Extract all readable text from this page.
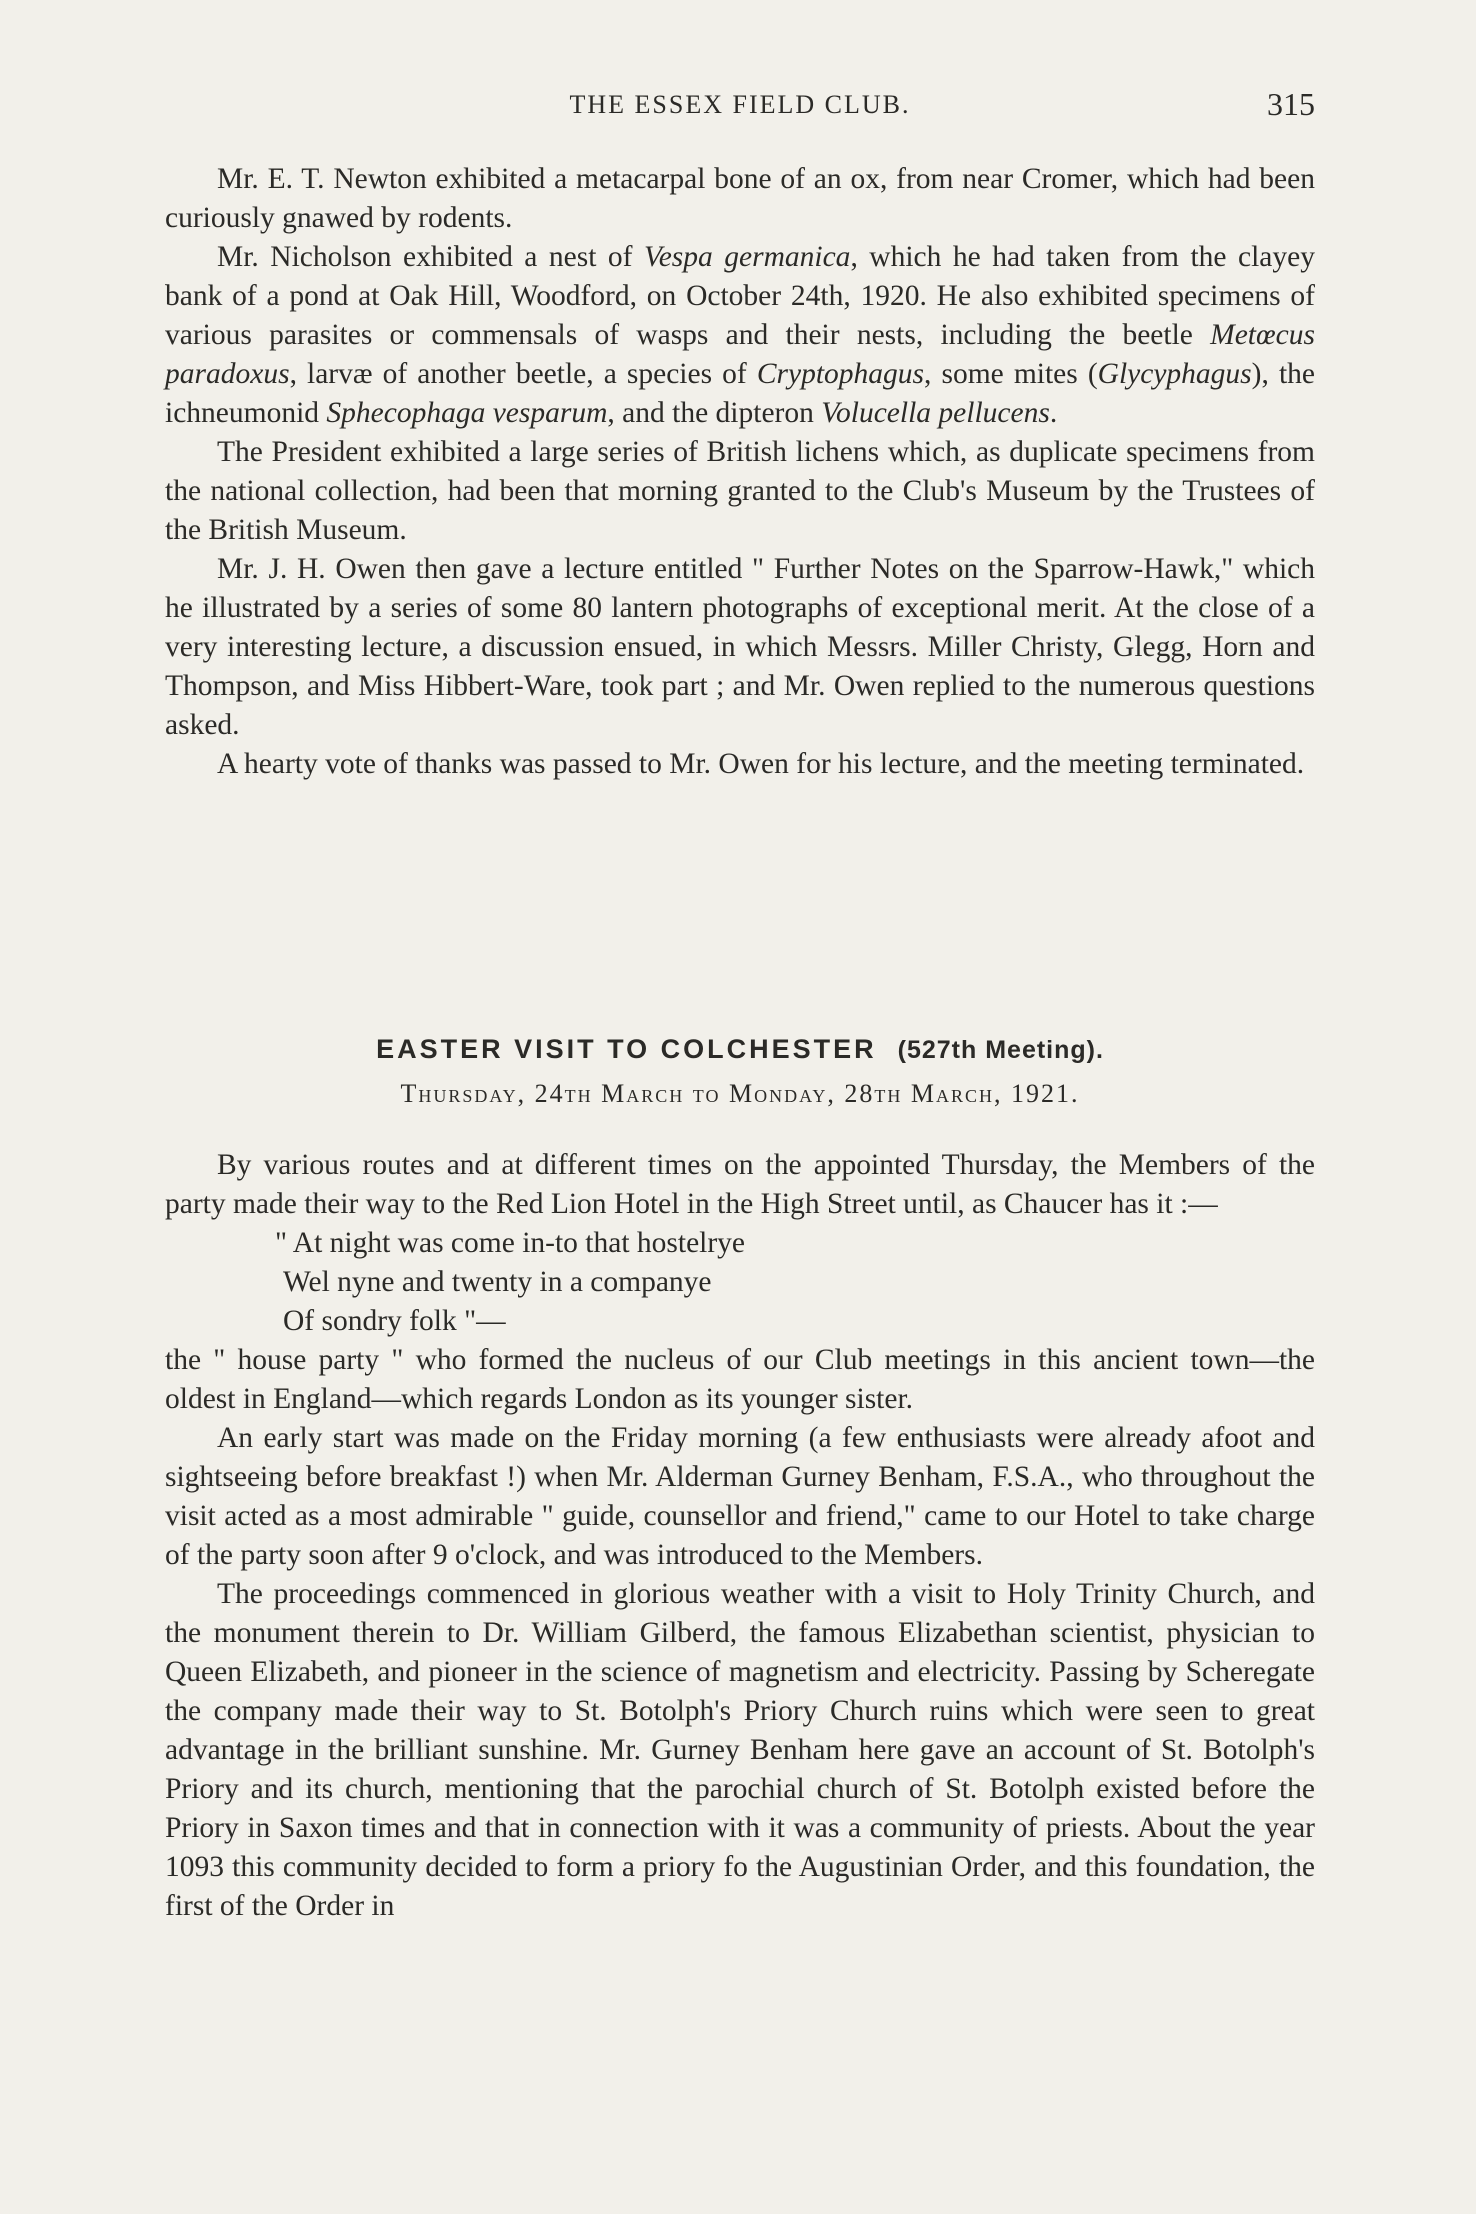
THE ESSEX FIELD CLUB.	315

Mr. E. T. Newton exhibited a metacarpal bone of an ox, from near Cromer, which had been curiously gnawed by rodents.

Mr. Nicholson exhibited a nest of Vespa germanica, which he had taken from the clayey bank of a pond at Oak Hill, Woodford, on October 24th, 1920. He also exhibited specimens of various parasites or commensals of wasps and their nests, including the beetle Metœcus paradoxus, larvæ of another beetle, a species of Cryptophagus, some mites (Glycyphagus), the ichneumonid Sphecophaga vesparum, and the dipteron Volucella pellucens.

The President exhibited a large series of British lichens which, as duplicate specimens from the national collection, had been that morning granted to the Club's Museum by the Trustees of the British Museum.

Mr. J. H. Owen then gave a lecture entitled " Further Notes on the Sparrow-Hawk," which he illustrated by a series of some 80 lantern photographs of exceptional merit. At the close of a very interesting lecture, a discussion ensued, in which Messrs. Miller Christy, Glegg, Horn and Thompson, and Miss Hibbert-Ware, took part ; and Mr. Owen replied to the numerous questions asked.

A hearty vote of thanks was passed to Mr. Owen for his lecture, and the meeting terminated.

EASTER VISIT TO COLCHESTER (527th Meeting).

Thursday, 24th March to Monday, 28th March, 1921.

By various routes and at different times on the appointed Thursday, the Members of the party made their way to the Red Lion Hotel in the High Street until, as Chaucer has it :—

" At night was come in-to that hostelrye
Wel nyne and twenty in a companye
Of sondry folk "—

the " house party " who formed the nucleus of our Club meetings in this ancient town—the oldest in England—which regards London as its younger sister.

An early start was made on the Friday morning (a few enthusiasts were already afoot and sightseeing before breakfast !) when Mr. Alderman Gurney Benham, F.S.A., who throughout the visit acted as a most admirable " guide, counsellor and friend," came to our Hotel to take charge of the party soon after 9 o'clock, and was introduced to the Members.

The proceedings commenced in glorious weather with a visit to Holy Trinity Church, and the monument therein to Dr. William Gilberd, the famous Elizabethan scientist, physician to Queen Elizabeth, and pioneer in the science of magnetism and electricity. Passing by Scheregate the company made their way to St. Botolph's Priory Church ruins which were seen to great advantage in the brilliant sunshine. Mr. Gurney Benham here gave an account of St. Botolph's Priory and its church, mentioning that the parochial church of St. Botolph existed before the Priory in Saxon times and that in connection with it was a community of priests. About the year 1093 this community decided to form a priory fo the Augustinian Order, and this foundation, the first of the Order in
